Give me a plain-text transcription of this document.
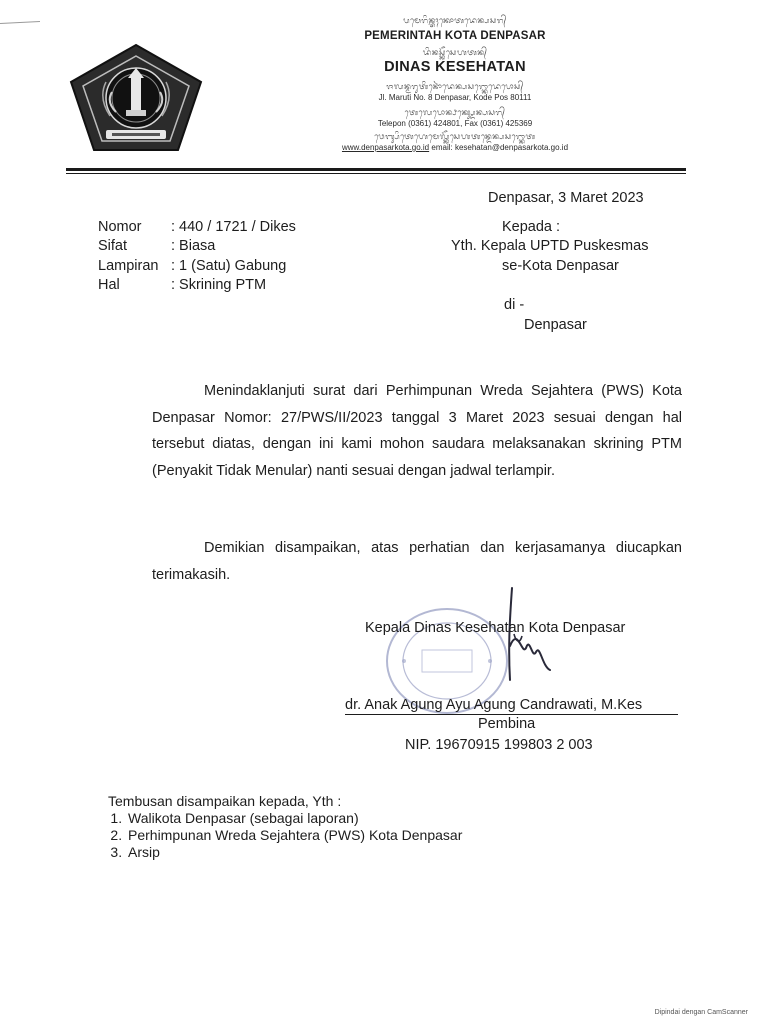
ᬧᬫᬾᬭᬶᬦ᭄ᬢᬄᬓᭀᬢᬤᬾᬦ᭄ᬧᬲᬭ᭄
PEMERINTAH KOTA DENPASAR
ᬤᬶᬦᬲ᭄ᬓᭂᬲᬾᬳᬢᬦ᭄
DINAS KESEHATAN
ᬚᬮᬦ᭄ᬫᬭᬸᬢᬶᬦᭀᬃᬤᬾᬦ᭄ᬧᬲᬭ᭄ᬓᭀᬤᬾᬧᭀᬲ᭄
Jl. Maruti No. 8 Denpasar, Kode Pos 80111
ᬢᬾᬮᬾᬧᭀᬦ᭄ᬨᬓ᭄ᬲ᭄ᬤᬾᬦ᭄ᬧᬲᬭ᭄
Telepon (0361) 424801, Fax (0361) 425369
ᬯᬾᬩ᭄ᬲᬶᬢᬾᬳᬾᬫᬾᬮ᭄ᬓᭂᬲᬾᬳᬢᬦ᭄ᬤᬾᬦ᭄ᬧᬲᬭ᭄ᬓᭀᬢ
www.denpasarkota.go.id email: kesehatan@denpasarkota.go.id
Denpasar, 3 Maret 2023
Nomor : 440 / 1721 / Dikes
Sifat	: Biasa
Lampiran : 1 (Satu) Gabung
Hal	: Skrining PTM
Kepada :
Yth. Kepala UPTD Puskesmas
se-Kota Denpasar
di -
Denpasar

Menindaklanjuti surat dari Perhimpunan Wreda Sejahtera (PWS) Kota Denpasar Nomor: 27/PWS/II/2023 tanggal 3 Maret 2023 sesuai dengan hal tersebut diatas, dengan ini kami mohon saudara melaksanakan skrining PTM (Penyakit Tidak Menular) nanti sesuai dengan jadwal terlampir.

Demikian disampaikan, atas perhatian dan kerjasamanya diucapkan terimakasih.

Kepala Dinas Kesehatan Kota Denpasar
dr. Anak Agung Ayu Agung Candrawati, M.Kes
Pembina
NIP. 19670915 199803 2 003
Tembusan disampaikan kepada, Yth :
1. Walikota Denpasar (sebagai laporan)
2. Perhimpunan Wreda Sejahtera (PWS) Kota Denpasar
3. Arsip
Dipindai dengan CamScanner
